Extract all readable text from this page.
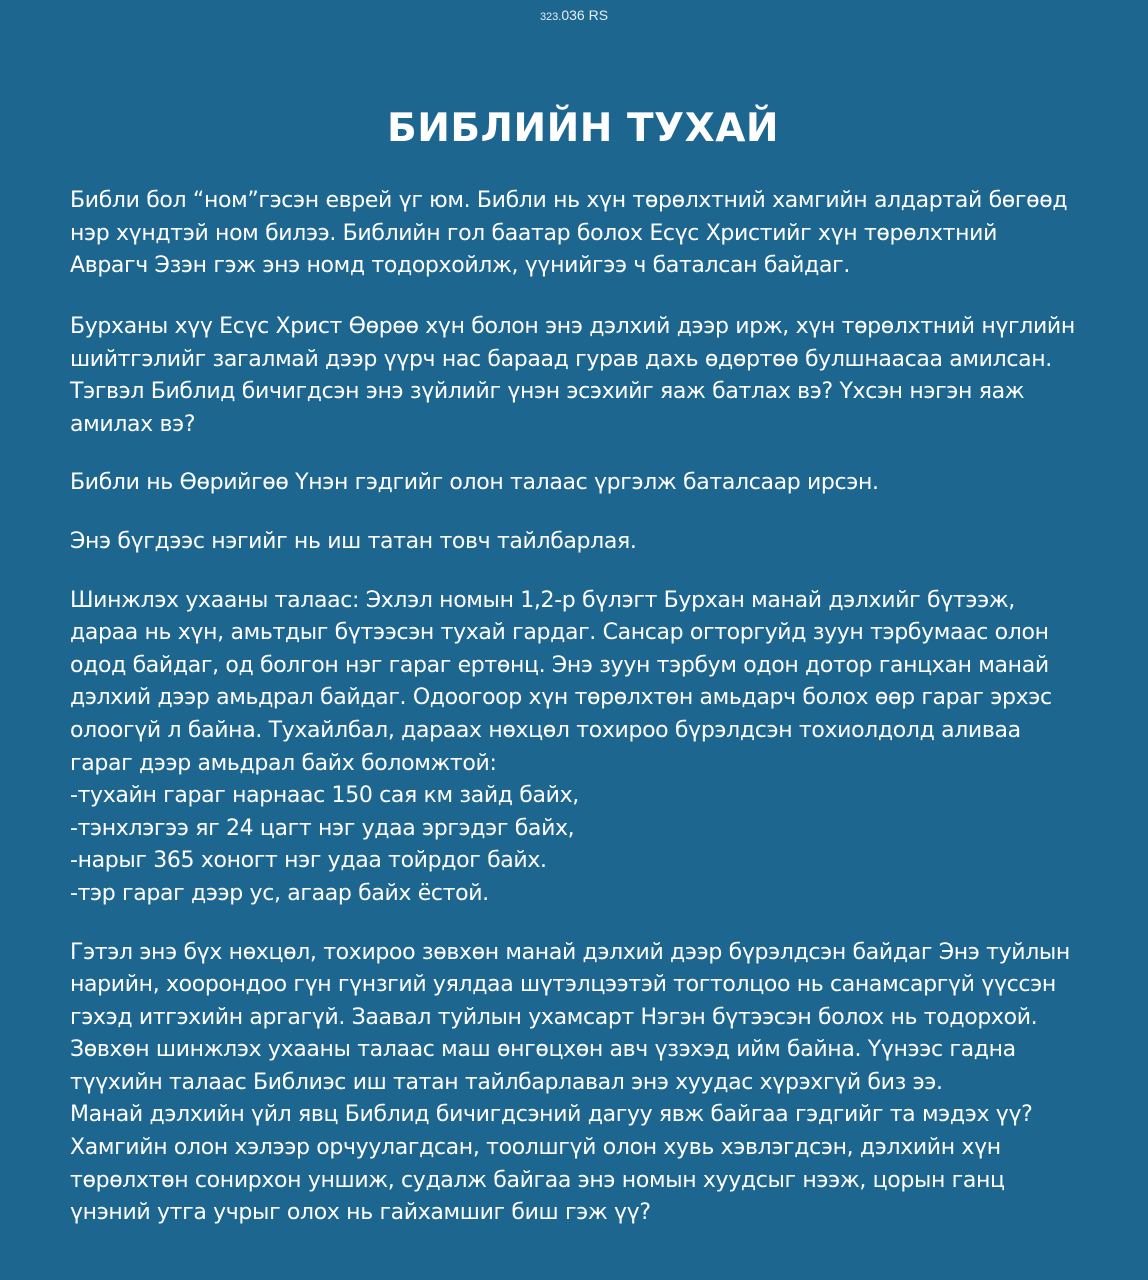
323.036 RS
БИБЛИЙН ТУХАЙ

Библи бол “ном”гэсэн еврей үг юм. Библи нь хүн төрөлхтний хамгийн алдартай бөгөөд
нэр хүндтэй ном билээ. Библийн гол баатар болох Есүс Христийг хүн төрөлхтний
Аврагч Эзэн гэж энэ номд тодорхойлж, үүнийгээ ч баталсан байдаг.

Бурханы хүү Есүс Христ Өөрөө хүн болон энэ дэлхий дээр ирж, хүн төрөлхтний нүглийн
шийтгэлийг загалмай дээр үүрч нас бараад гурав дахь өдөртөө булшнаасаа амилсан.
Тэгвэл Библид бичигдсэн энэ зүйлийг үнэн эсэхийг яаж батлах вэ? Үхсэн нэгэн яаж
амилах вэ?

Библи нь Өөрийгөө Үнэн гэдгийг олон талаас үргэлж баталсаар ирсэн.

Энэ бүгдээс нэгийг нь иш татан товч тайлбарлая.

Шинжлэх ухааны талаас: Эхлэл номын 1,2-р бүлэгт Бурхан манай дэлхийг бүтээж,
дараа нь хүн, амьтдыг бүтээсэн тухай гардаг. Сансар огторгуйд зуун тэрбумаас олон
одод байдаг, од болгон нэг гараг ертөнц. Энэ зуун тэрбум одон дотор ганцхан манай
дэлхий дээр амьдрал байдаг. Одоогоор хүн төрөлхтөн амьдарч болох өөр гараг эрхэс
олоогүй л байна. Тухайлбал, дараах нөхцөл тохироо бүрэлдсэн тохиолдолд аливаа
гараг дээр амьдрал байх боломжтой:
-тухайн гараг нарнаас 150 сая км зайд байх,
-тэнхлэгээ яг 24 цагт нэг удаа эргэдэг байх,
-нарыг 365 хоногт нэг удаа тойрдог байх.
-тэр гараг дээр ус, агаар байх ёстой.

Гэтэл энэ бүх нөхцөл, тохироо зөвхөн манай дэлхий дээр бүрэлдсэн байдаг Энэ туйлын
нарийн, хоорондоо гүн гүнзгий уялдаа шүтэлцээтэй тогтолцоо нь санамсаргүй үүссэн
гэхэд итгэхийн аргагүй. Заавал туйлын ухамсарт Нэгэн бүтээсэн болох нь тодорхой.
Зөвхөн шинжлэх ухааны талаас маш өнгөцхөн авч үзэхэд ийм байна. Үүнээс гадна
түүхийн талаас Библиэс иш татан тайлбарлавал энэ хуудас хүрэхгүй биз ээ.
Манай дэлхийн үйл явц Библид бичигдсэний дагуу явж байгаа гэдгийг та мэдэх үү?
Хамгийн олон хэлээр орчуулагдсан, тоолшгүй олон хувь хэвлэгдсэн, дэлхийн хүн
төрөлхтөн сонирхон уншиж, судалж байгаа энэ номын хуудсыг нээж, цорын ганц
үнэний утга учрыг олох нь гайхамшиг биш гэж үү?
